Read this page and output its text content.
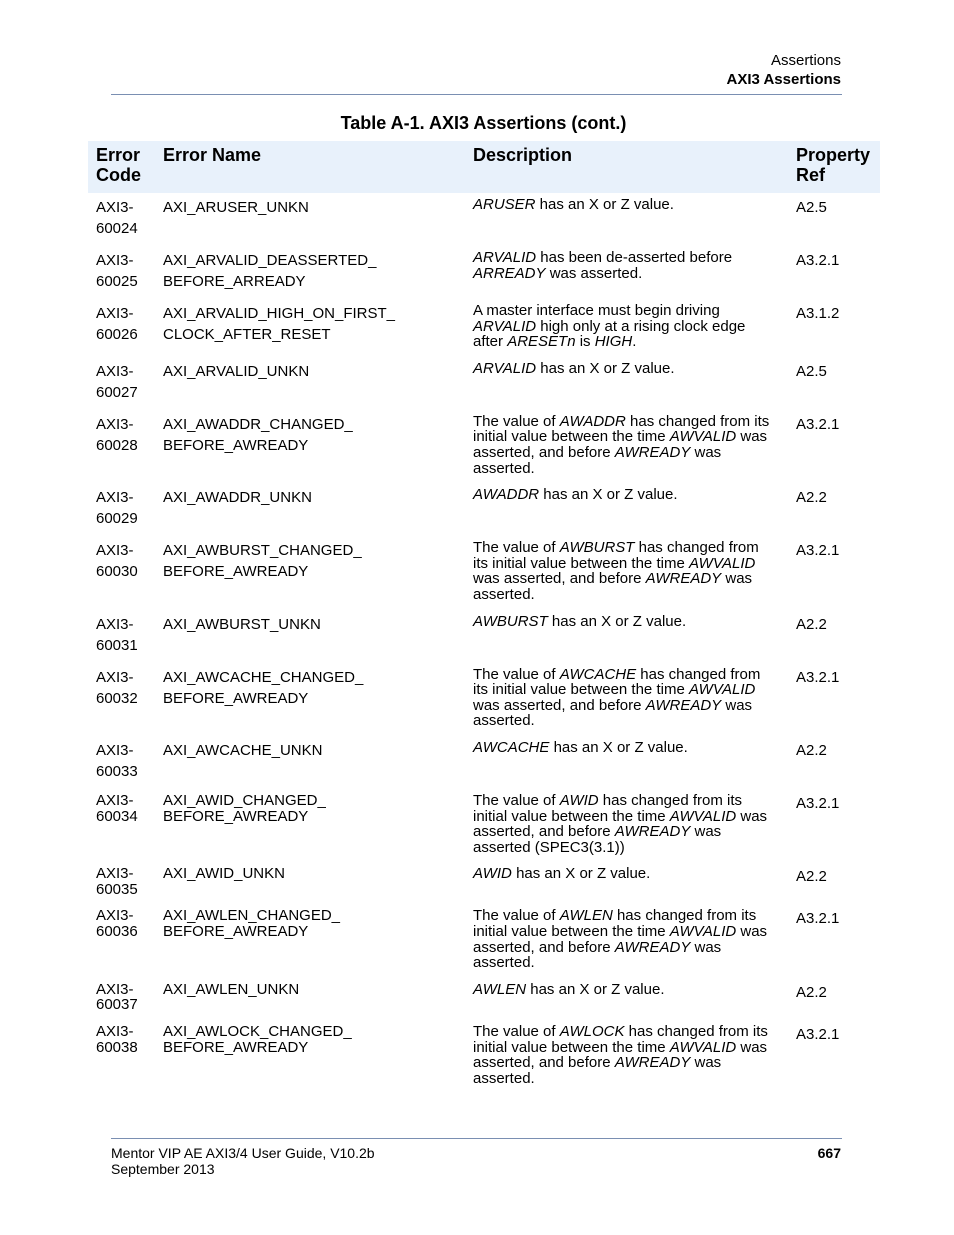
Assertions
AXI3 Assertions
Table A-1. AXI3 Assertions (cont.)
Error Code	Error Name	Description	Property Ref
AXI3-
60024	AXI_ARUSER_UNKN	ARUSER has an X or Z value.	A2.5
AXI3-
60025	AXI_ARVALID_DEASSERTED_
BEFORE_ARREADY	ARVALID has been de-asserted before
ARREADY was asserted.	A3.2.1
AXI3-
60026	AXI_ARVALID_HIGH_ON_FIRST_
CLOCK_AFTER_RESET	A master interface must begin driving
ARVALID high only at a rising clock edge
after ARESETn is HIGH.	A3.1.2
AXI3-
60027	AXI_ARVALID_UNKN	ARVALID has an X or Z value.	A2.5
AXI3-
60028	AXI_AWADDR_CHANGED_
BEFORE_AWREADY	The value of AWADDR has changed from its
initial value between the time AWVALID was
asserted, and before AWREADY was
asserted.	A3.2.1
AXI3-
60029	AXI_AWADDR_UNKN	AWADDR has an X or Z value.	A2.2
AXI3-
60030	AXI_AWBURST_CHANGED_
BEFORE_AWREADY	The value of AWBURST has changed from
its initial value between the time AWVALID
was asserted, and before AWREADY was
asserted.	A3.2.1
AXI3-
60031	AXI_AWBURST_UNKN	AWBURST has an X or Z value.	A2.2
AXI3-
60032	AXI_AWCACHE_CHANGED_
BEFORE_AWREADY	The value of AWCACHE has changed from
its initial value between the time AWVALID
was asserted, and before AWREADY was
asserted.	A3.2.1
AXI3-
60033	AXI_AWCACHE_UNKN	AWCACHE has an X or Z value.	A2.2
AXI3-
60034	AXI_AWID_CHANGED_
BEFORE_AWREADY	The value of AWID has changed from its
initial value between the time AWVALID was
asserted, and before AWREADY was
asserted (SPEC3(3.1))	A3.2.1
AXI3-
60035	AXI_AWID_UNKN	AWID has an X or Z value.	A2.2
AXI3-
60036	AXI_AWLEN_CHANGED_
BEFORE_AWREADY	The value of AWLEN has changed from its
initial value between the time AWVALID was
asserted, and before AWREADY was
asserted.	A3.2.1
AXI3-
60037	AXI_AWLEN_UNKN	AWLEN has an X or Z value.	A2.2
AXI3-
60038	AXI_AWLOCK_CHANGED_
BEFORE_AWREADY	The value of AWLOCK has changed from its
initial value between the time AWVALID was
asserted, and before AWREADY was
asserted.	A3.2.1
Mentor VIP AE AXI3/4 User Guide, V10.2b
September 2013
667
